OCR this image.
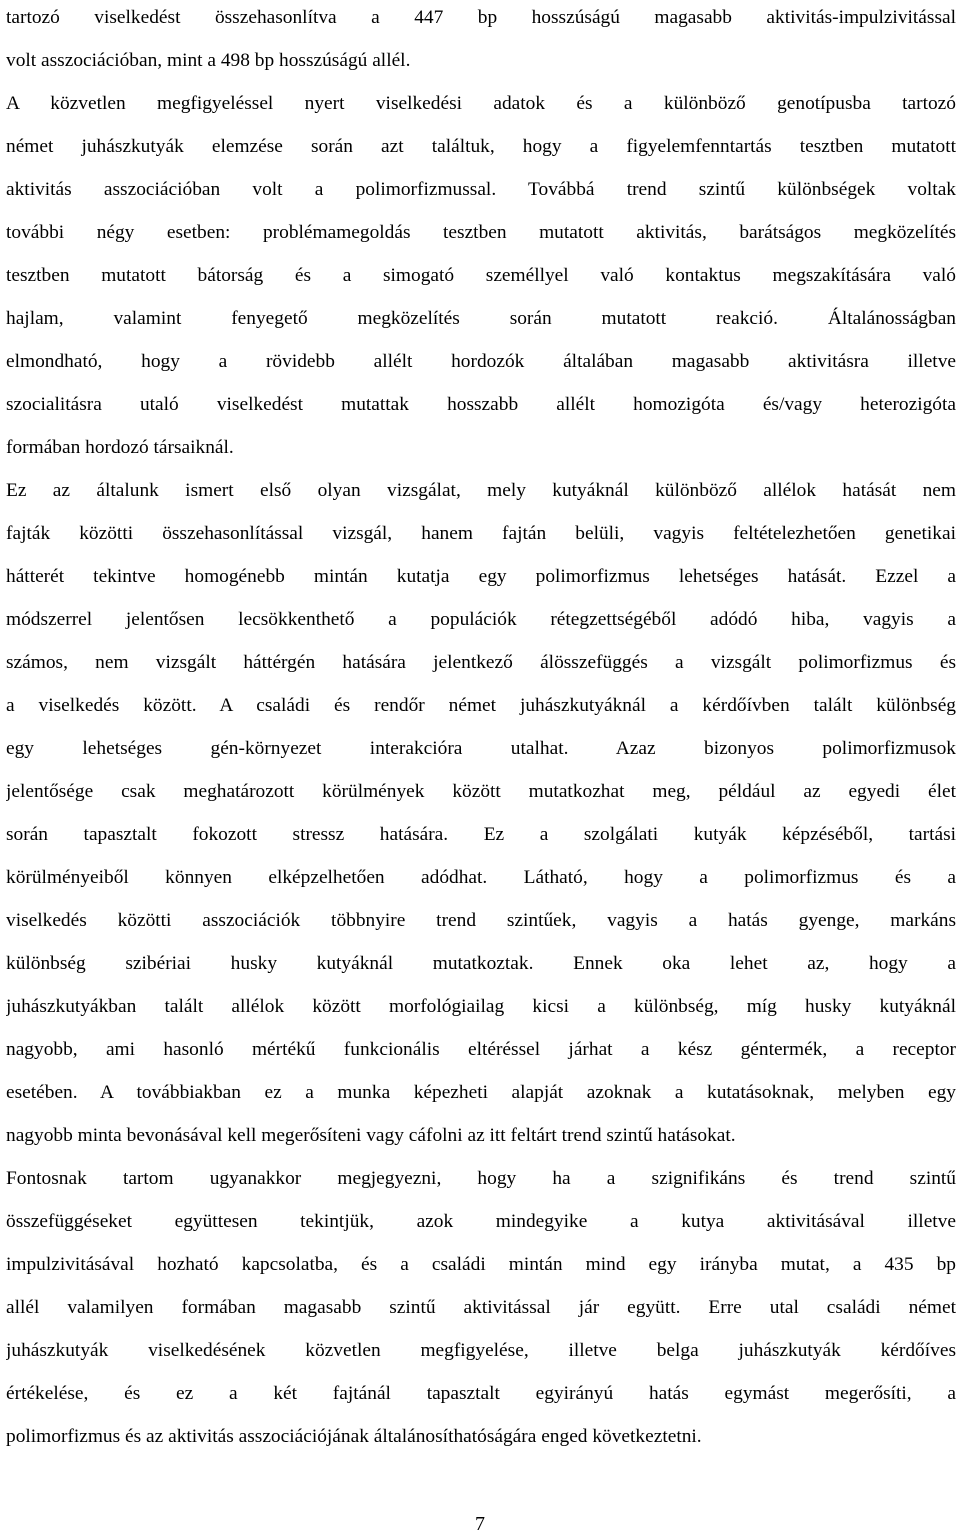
tartozó viselkedést összehasonlítva a 447 bp hosszúságú magasabb aktivitás-impulzivitással
volt asszociációban, mint a 498 bp hosszúságú allél.
A közvetlen megfigyeléssel nyert viselkedési adatok és a különböző genotípusba tartozó
német juhászkutyák elemzése során azt találtuk, hogy a figyelemfenntartás tesztben mutatott
aktivitás asszociációban volt a polimorfizmussal. Továbbá trend szintű különbségek voltak
további négy esetben: problémamegoldás tesztben mutatott aktivitás, barátságos megközelítés
tesztben mutatott bátorság és a simogató személlyel való kontaktus megszakítására való
hajlam, valamint fenyegető megközelítés során mutatott reakció. Általánosságban
elmondható, hogy a rövidebb allélt hordozók általában magasabb aktivitásra illetve
szocialitásra utaló viselkedést mutattak hosszabb allélt homozigóta és/vagy heterozigóta
formában hordozó társaiknál.
Ez az általunk ismert első olyan vizsgálat, mely kutyáknál különböző allélok hatását nem
fajták közötti összehasonlítással vizsgál, hanem fajtán belüli, vagyis feltételezhetően genetikai
hátterét tekintve homogénebb mintán kutatja egy polimorfizmus lehetséges hatását. Ezzel a
módszerrel jelentősen lecsökkenthető a populációk rétegzettségéből adódó hiba, vagyis a
számos, nem vizsgált háttérgén hatására jelentkező álösszefüggés a vizsgált polimorfizmus és
a viselkedés között. A családi és rendőr német juhászkutyáknál a kérdőívben talált különbség
egy lehetséges gén-környezet interakcióra utalhat. Azaz bizonyos polimorfizmusok
jelentősége csak meghatározott körülmények között mutatkozhat meg, például az egyedi élet
során tapasztalt fokozott stressz hatására. Ez a szolgálati kutyák képzéséből, tartási
körülményeiből könnyen elképzelhetően adódhat. Látható, hogy a polimorfizmus és a
viselkedés közötti asszociációk többnyire trend szintűek, vagyis a hatás gyenge, markáns
különbség szibériai husky kutyáknál mutatkoztak. Ennek oka lehet az, hogy a
juhászkutyákban talált allélok között morfológiailag kicsi a különbség, míg husky kutyáknál
nagyobb, ami hasonló mértékű funkcionális eltéréssel járhat a kész géntermék, a receptor
esetében. A továbbiakban ez a munka képezheti alapját azoknak a kutatásoknak, melyben egy
nagyobb minta bevonásával kell megerősíteni vagy cáfolni az itt feltárt trend szintű hatásokat.
Fontosnak tartom ugyanakkor megjegyezni, hogy ha a szignifikáns és trend szintű
összefüggéseket együttesen tekintjük, azok mindegyike a kutya aktivitásával illetve
impulzivitásával hozható kapcsolatba, és a családi mintán mind egy irányba mutat, a 435 bp
allél valamilyen formában magasabb szintű aktivitással jár együtt. Erre utal családi német
juhászkutyák viselkedésének közvetlen megfigyelése, illetve belga juhászkutyák kérdőíves
értékelése, és ez a két fajtánál tapasztalt egyirányú hatás egymást megerősíti, a
polimorfizmus és az aktivitás asszociációjának általánosíthatóságára enged következtetni.
7
